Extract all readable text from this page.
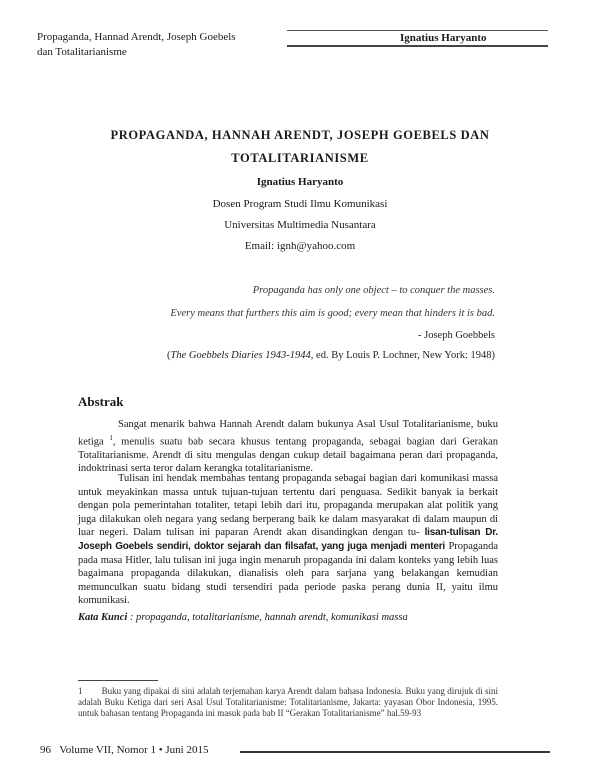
Propaganda, Hannad Arendt, Joseph Goebels dan Totalitarianisme
Ignatius Haryanto
PROPAGANDA, HANNAH ARENDT, JOSEPH GOEBELS DAN
TOTALITARIANISME
Ignatius Haryanto
Dosen Program Studi Ilmu Komunikasi
Universitas Multimedia Nusantara
Email: ignh@yahoo.com
Propaganda has only one object – to conquer the masses.
Every means that furthers this aim is good; every mean that hinders it is bad.
- Joseph Goebbels
(The Goebbels Diaries 1943-1944, ed. By Louis P. Lochner, New York: 1948)
Abstrak
Sangat menarik bahwa Hannah Arendt dalam bukunya Asal Usul Totalitarianisme, buku ketiga $^1$, menulis suatu bab secara khusus tentang propaganda, sebagai bagian dari Gerakan Totalitarianisme. Arendt di situ mengulas dengan cukup detail bagaimana peran dari propaganda, indoktrinasi serta teror dalam kerangka totalitarianisme.
Tulisan ini hendak membahas tentang propaganda sebagai bagian dari komunikasi massa untuk meyakinkan massa untuk tujuan-tujuan tertentu dari penguasa. Sedikit banyak ia berkait dengan pola pemerintahan totaliter, tetapi lebih dari itu, propaganda merupakan alat politik yang juga dilakukan oleh negara yang sedang berperang baik ke dalam masyarakat di dalam maupun di luar negeri. Dalam tulisan ini paparan Arendt akan disandingkan dengan tu- lisan-tulisan Dr. Joseph Goebels sendiri, doktor sejarah dan filsafat, yang juga menjadi menteri Propaganda pada masa Hitler, lalu tulisan ini juga ingin menaruh propaganda ini dalam konteks yang lebih luas bagaimana propaganda dilakukan, dianalisis oleh para sarjana yang belakangan kemudian memunculkan suatu bidang studi tersendiri pada periode paska perang dunia II, yaitu ilmu komunikasi.
Kata Kunci : propaganda, totalitarianisme, hannah arendt, komunikasi massa
1 Buku yang dipakai di sini adalah terjemahan karya Arendt dalam bahasa Indonesia. Buku yang dirujuk di sini adalah Buku Ketiga dari seri Asal Usul Totalitarianisme: Totalitarianisme, Jakarta: yayasan Obor Indonesia, 1995. untuk bahasan tentang Propaganda ini masuk pada bab II “Gerakan Totalitarianisme” hal.59-93
96 Volume VII, Nomor 1 • Juni 2015
